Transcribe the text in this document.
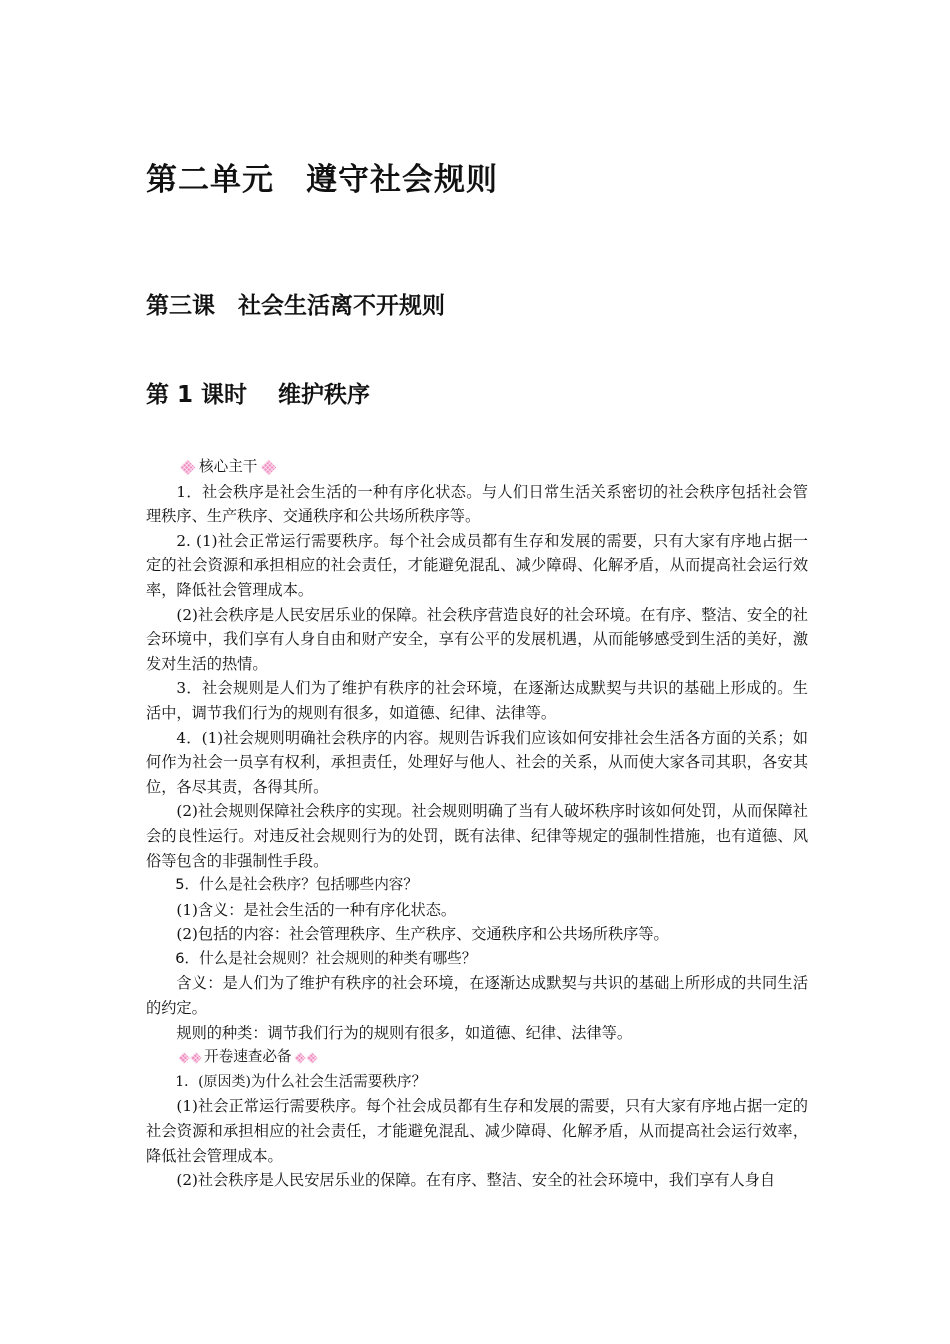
第二单元　遵守社会规则
第三课　社会生活离不开规则
第 1 课时　 维护秩序
核心主干

1．社会秩序是社会生活的一种有序化状态。与人们日常生活关系密切的社会秩序包括社会管理秩序、生产秩序、交通秩序和公共场所秩序等。

2. (1)社会正常运行需要秩序。每个社会成员都有生存和发展的需要，只有大家有序地占据一定的社会资源和承担相应的社会责任，才能避免混乱、减少障碍、化解矛盾，从而提高社会运行效率，降低社会管理成本。

(2)社会秩序是人民安居乐业的保障。社会秩序营造良好的社会环境。在有序、整洁、安全的社会环境中，我们享有人身自由和财产安全，享有公平的发展机遇，从而能够感受到生活的美好，激发对生活的热情。

3．社会规则是人们为了维护有秩序的社会环境，在逐渐达成默契与共识的基础上形成的。生活中，调节我们行为的规则有很多，如道德、纪律、法律等。

4．(1)社会规则明确社会秩序的内容。规则告诉我们应该如何安排社会生活各方面的关系；如何作为社会一员享有权利，承担责任，处理好与他人、社会的关系，从而使大家各司其职，各安其位，各尽其责，各得其所。

(2)社会规则保障社会秩序的实现。社会规则明确了当有人破坏秩序时该如何处罚，从而保障社会的良性运行。对违反社会规则行为的处罚，既有法律、纪律等规定的强制性措施，也有道德、风俗等包含的非强制性手段。

5．什么是社会秩序？包括哪些内容？

(1)含义：是社会生活的一种有序化状态。

(2)包括的内容：社会管理秩序、生产秩序、交通秩序和公共场所秩序等。

6．什么是社会规则？社会规则的种类有哪些？

含义：是人们为了维护有秩序的社会环境，在逐渐达成默契与共识的基础上所形成的共同生活的约定。

规则的种类：调节我们行为的规则有很多，如道德、纪律、法律等。

开卷速查必备

1．(原因类)为什么社会生活需要秩序？

(1)社会正常运行需要秩序。每个社会成员都有生存和发展的需要，只有大家有序地占据一定的社会资源和承担相应的社会责任，才能避免混乱、减少障碍、化解矛盾，从而提高社会运行效率，降低社会管理成本。

(2)社会秩序是人民安居乐业的保障。在有序、整洁、安全的社会环境中，我们享有人身自
